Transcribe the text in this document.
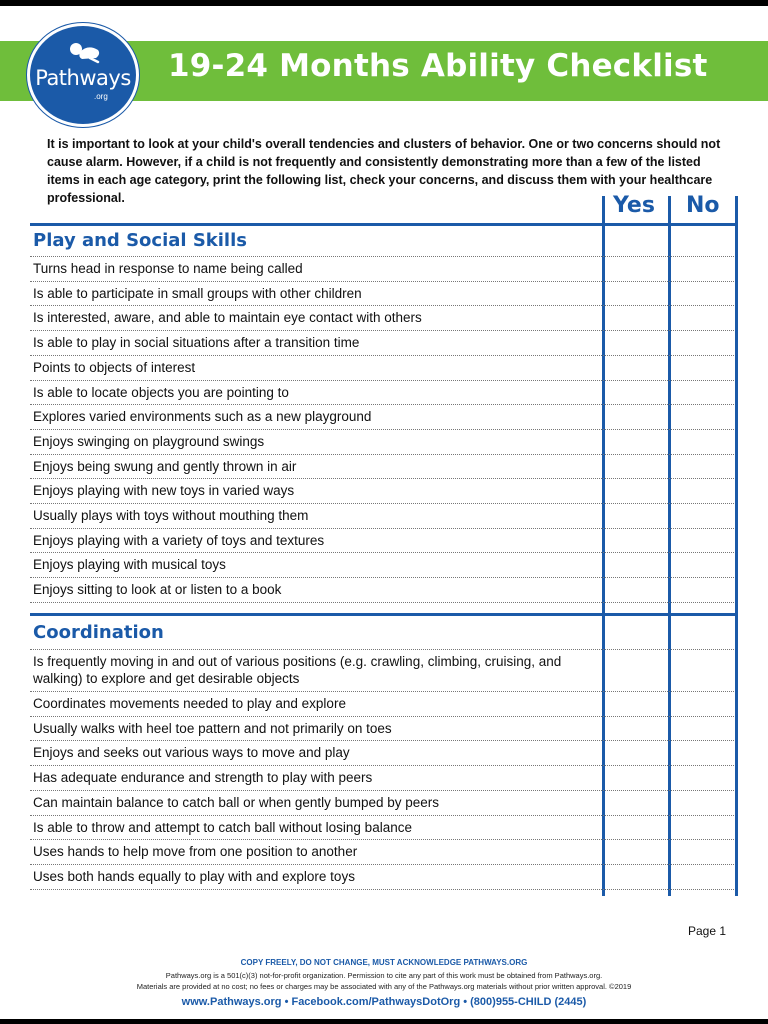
Pathways
.org
19-24 Months Ability Checklist
It is important to look at your child's overall tendencies and clusters of behavior. One or two concerns should not cause alarm. However, if a child is not frequently and consistently demonstrating more than a few of the listed items in each age category, print the following list, check your concerns, and discuss them with your healthcare professional.	Yes No
Play and Social Skills
Turns head in response to name being called
Is able to participate in small groups with other children
Is interested, aware, and able to maintain eye contact with others
Is able to play in social situations after a transition time
Points to objects of interest
Is able to locate objects you are pointing to
Explores varied environments such as a new playground
Enjoys swinging on playground swings
Enjoys being swung and gently thrown in air
Enjoys playing with new toys in varied ways
Usually plays with toys without mouthing them
Enjoys playing with a variety of toys and textures
Enjoys playing with musical toys
Enjoys sitting to look at or listen to a book
Coordination
Is frequently moving in and out of various positions (e.g. crawling, climbing, cruising, and walking) to explore and get desirable objects
Coordinates movements needed to play and explore
Usually walks with heel toe pattern and not primarily on toes
Enjoys and seeks out various ways to move and play
Has adequate endurance and strength to play with peers
Can maintain balance to catch ball or when gently bumped by peers
Is able to throw and attempt to catch ball without losing balance
Uses hands to help move from one position to another
Uses both hands equally to play with and explore toys
Page 1
COPY FREELY, DO NOT CHANGE, MUST ACKNOWLEDGE PATHWAYS.ORG
Pathways.org is a 501(c)(3) not-for-profit organization. Permission to cite any part of this work must be obtained from Pathways.org.
Materials are provided at no cost; no fees or charges may be associated with any of the Pathways.org materials without prior written approval. ©2019
www.Pathways.org • Facebook.com/PathwaysDotOrg • (800)955-CHILD (2445)
